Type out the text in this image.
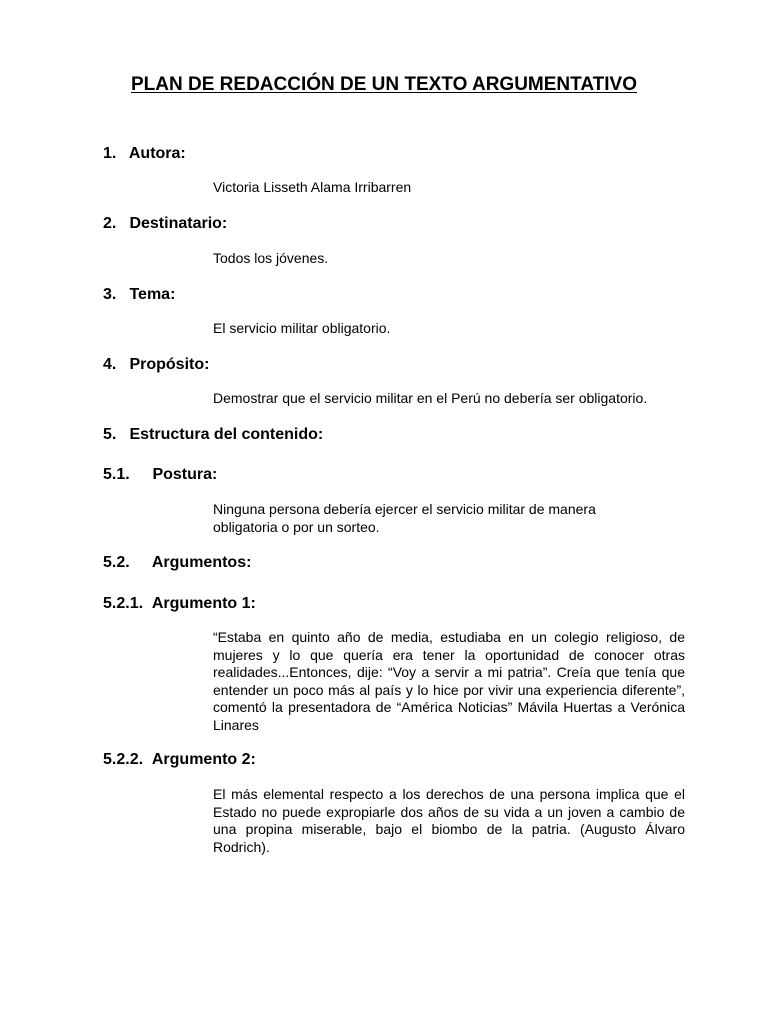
PLAN DE REDACCIÓN DE UN TEXTO ARGUMENTATIVO
1. Autora:
Victoria Lisseth Alama Irribarren
2. Destinatario:
Todos los jóvenes.
3. Tema:
El servicio militar obligatorio.
4. Propósito:
Demostrar que el servicio militar en el Perú no debería ser obligatorio.
5. Estructura del contenido:
5.1. Postura:
Ninguna persona debería ejercer el servicio militar de manera obligatoria o por un sorteo.
5.2. Argumentos:
5.2.1. Argumento 1:
“Estaba en quinto año de media, estudiaba en un colegio religioso, de mujeres y lo que quería era tener la oportunidad de conocer otras realidades...Entonces, dije: “Voy a servir a mi patria”. Creía que tenía que entender un poco más al país y lo hice por vivir una experiencia diferente”, comentó la presentadora de “América Noticias” Mávila Huertas a Verónica Linares
5.2.2. Argumento 2:
El más elemental respecto a los derechos de una persona implica que el Estado no puede expropiarle dos años de su vida a un joven a cambio de una propina miserable, bajo el biombo de la patria. (Augusto Álvaro Rodrich).
